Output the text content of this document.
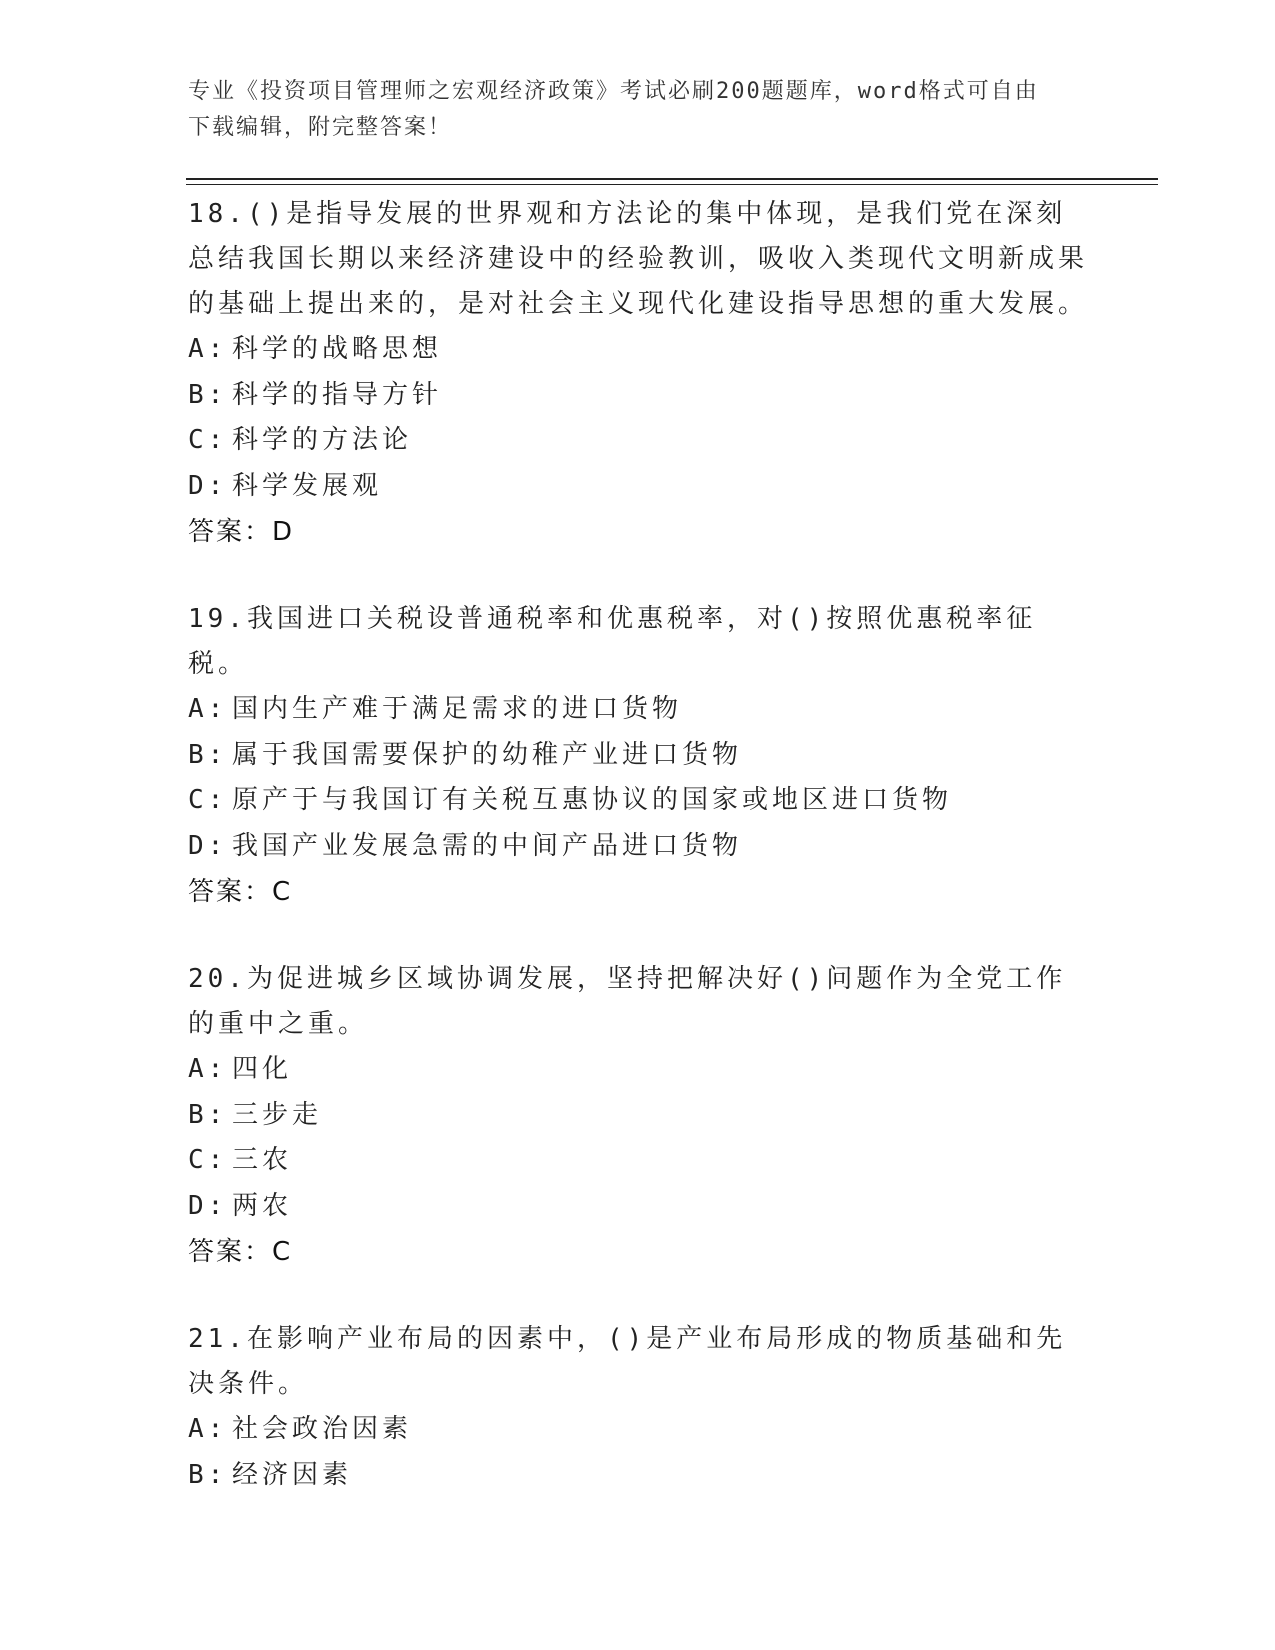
专业《投资项目管理师之宏观经济政策》考试必刷200题题库，word格式可自由
下载编辑，附完整答案！

18.()是指导发展的世界观和方法论的集中体现，是我们党在深刻总结我国长期以来经济建设中的经验教训，吸收入类现代文明新成果的基础上提出来的，是对社会主义现代化建设指导思想的重大发展。

A: 科学的战略思想
B: 科学的指导方针
C: 科学的方法论
D: 科学发展观
答案：D

19.我国进口关税设普通税率和优惠税率，对()按照优惠税率征税。

A: 国内生产难于满足需求的进口货物
B: 属于我国需要保护的幼稚产业进口货物
C: 原产于与我国订有关税互惠协议的国家或地区进口货物
D: 我国产业发展急需的中间产品进口货物
答案：C

20.为促进城乡区域协调发展，坚持把解决好()问题作为全党工作的重中之重。

A: 四化
B: 三步走
C: 三农
D: 两农
答案：C

21.在影响产业布局的因素中，()是产业布局形成的物质基础和先决条件。

A: 社会政治因素
B: 经济因素
